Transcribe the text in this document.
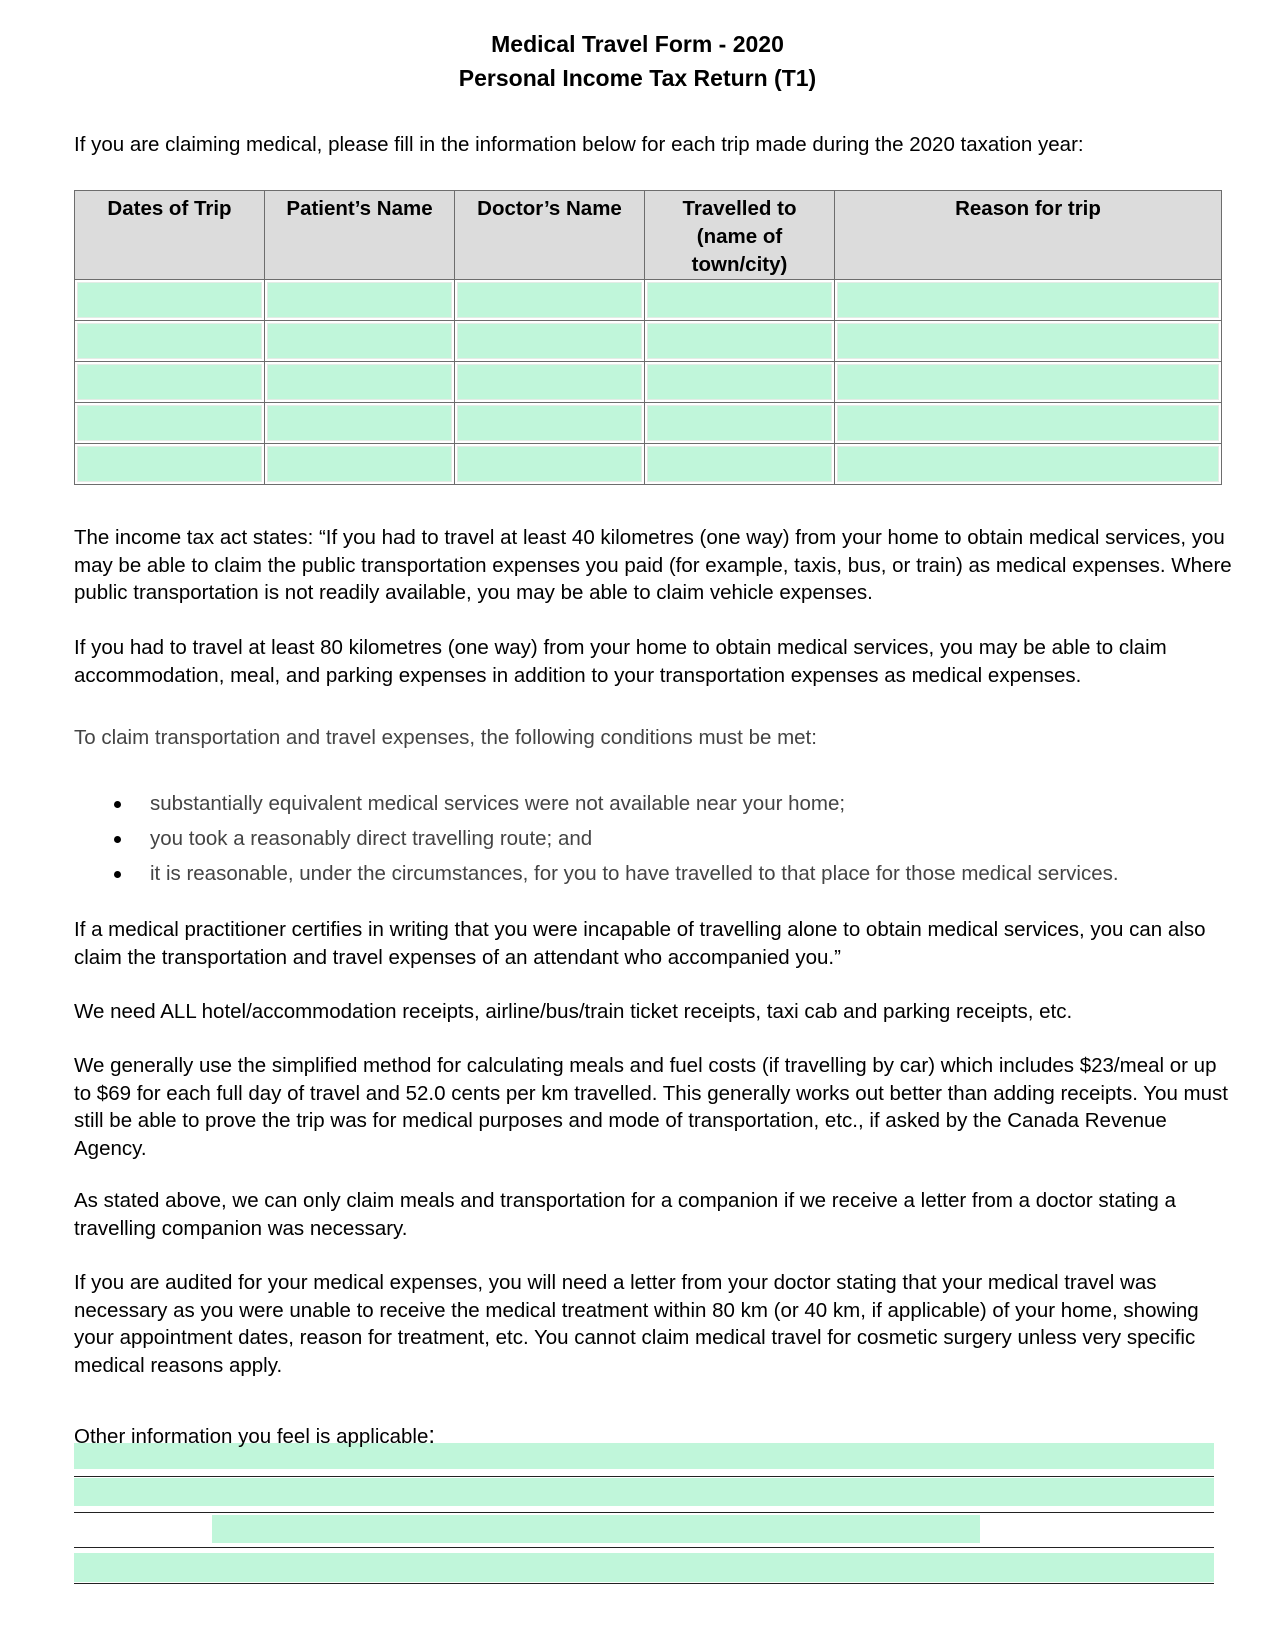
Medical Travel Form - 2020
Personal Income Tax Return (T1)
If you are claiming medical, please fill in the information below for each trip made during the 2020 taxation year:
Dates of Trip	Patient’s Name	Doctor’s Name	Travelled to (name of town/city)	Reason for trip

The income tax act states: “If you had to travel at least 40 kilometres (one way) from your home to obtain medical services, you may be able to claim the public transportation expenses you paid (for example, taxis, bus, or train) as medical expenses. Where public transportation is not readily available, you may be able to claim vehicle expenses.

If you had to travel at least 80 kilometres (one way) from your home to obtain medical services, you may be able to claim accommodation, meal, and parking expenses in addition to your transportation expenses as medical expenses.

To claim transportation and travel expenses, the following conditions must be met:

substantially equivalent medical services were not available near your home;
you took a reasonably direct travelling route; and
it is reasonable, under the circumstances, for you to have travelled to that place for those medical services.

If a medical practitioner certifies in writing that you were incapable of travelling alone to obtain medical services, you can also claim the transportation and travel expenses of an attendant who accompanied you.”

We need ALL hotel/accommodation receipts, airline/bus/train ticket receipts, taxi cab and parking receipts, etc.

We generally use the simplified method for calculating meals and fuel costs (if travelling by car) which includes $23/meal or up to $69 for each full day of travel and 52.0 cents per km travelled. This generally works out better than adding receipts. You must still be able to prove the trip was for medical purposes and mode of transportation, etc., if asked by the Canada Revenue Agency.

As stated above, we can only claim meals and transportation for a companion if we receive a letter from a doctor stating a travelling companion was necessary.

If you are audited for your medical expenses, you will need a letter from your doctor stating that your medical travel was necessary as you were unable to receive the medical treatment within 80 km (or 40 km, if applicable) of your home, showing your appointment dates, reason for treatment, etc. You cannot claim medical travel for cosmetic surgery unless very specific medical reasons apply.

Other information you feel is applicable:
